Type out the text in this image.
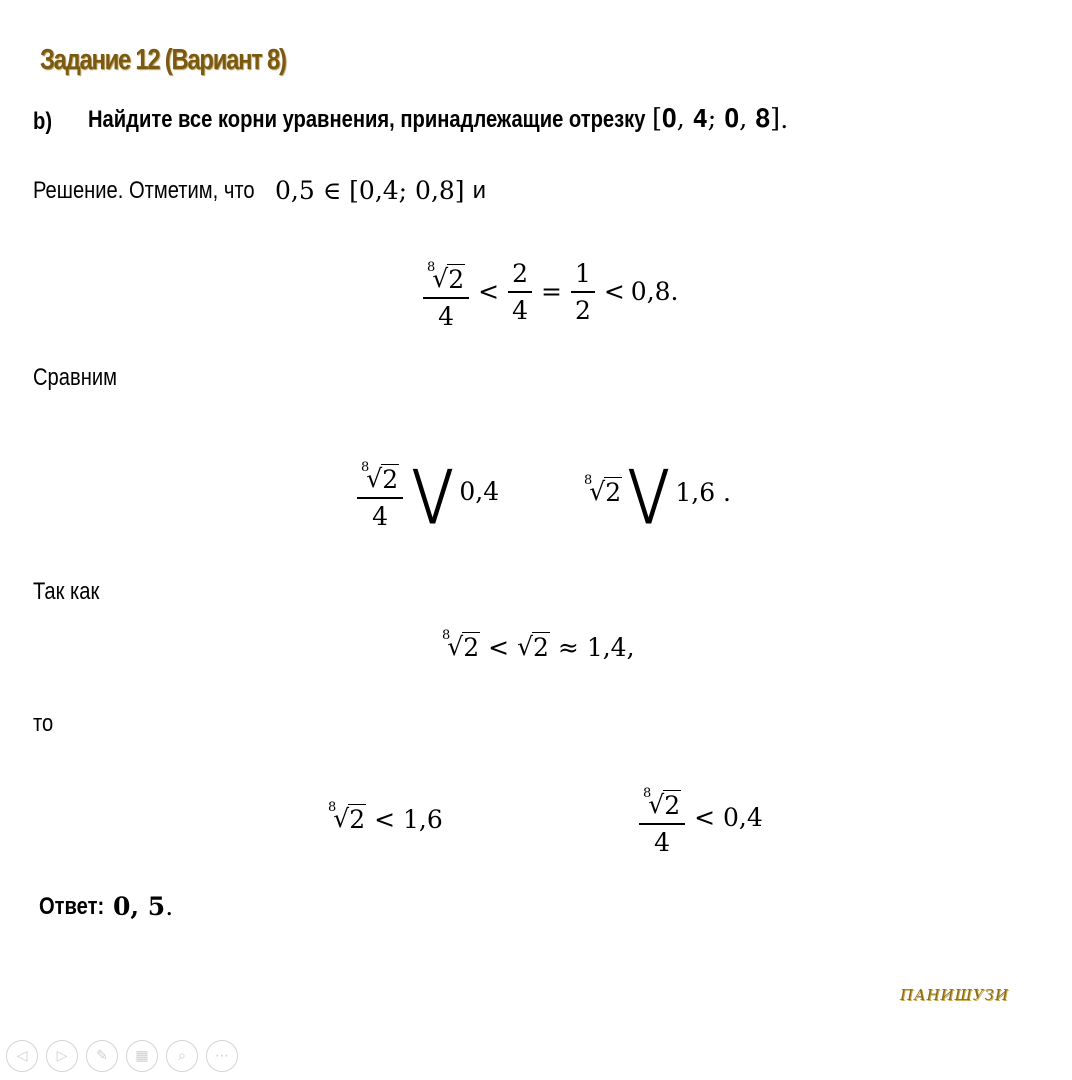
Задание 12 (Вариант 8)
b) Найдите все корни уравнения, принадлежащие отрезку [𝟎, 𝟒; 𝟎, 𝟖] .
Решение. Отметим, что 0,5 ∈ [0,4; 0,8] и
8
√ 2
$4 < \frac{2}{4} = \frac{1}{2} < 0,8$.
Сравним
8
√ 2
4 ⋁ 0,4	8
√ 2 ⋁ 1,6 .
Так как
8
√ 2 < √ 2 ≈ 1,4,
то
8
√ 2 < 1,6	8
√ 2
4 < 0,4
Ответ: 𝟎, 𝟓 .
ПАНИШУЗИ
◁ ▷ ✎ ▦ ⌕ ⋯
